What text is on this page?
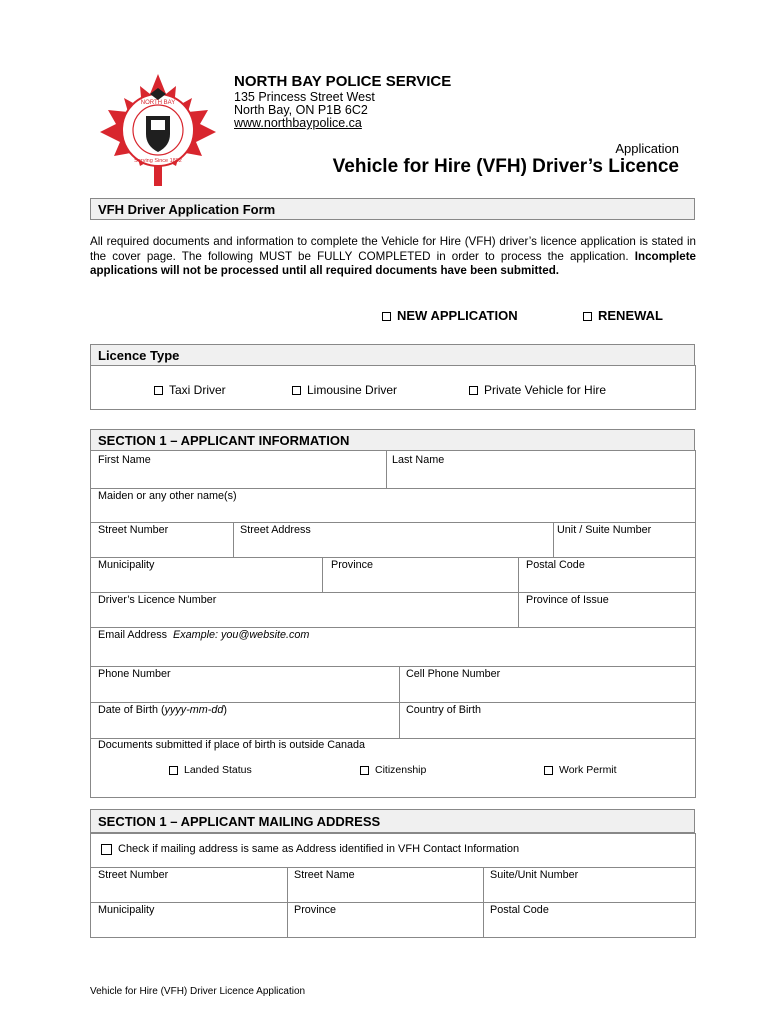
NORTH BAY
Serving Since 1882
NORTH BAY POLICE SERVICE
135 Princess Street West
North Bay, ON P1B 6C2
www.northbaypolice.ca
Application
Vehicle for Hire (VFH) Driver’s Licence
VFH Driver Application Form
All required documents and information to complete the Vehicle for Hire (VFH) driver’s licence application is stated in the cover page. The following MUST be FULLY COMPLETED in order to process the application. Incomplete applications will not be processed until all required documents have been submitted.
NEW APPLICATION	RENEWAL
Licence Type
Taxi Driver	Limousine Driver	Private Vehicle for Hire
SECTION 1 – APPLICANT INFORMATION
First Name	Last Name
Maiden or any other name(s)
Street Number	Street Address	Unit / Suite Number
Municipality	Province	Postal Code
Driver’s Licence Number	Province of Issue
Email Address Example: you@website.com
Phone Number	Cell Phone Number
Date of Birth (yyyy-mm-dd)	Country of Birth
Documents submitted if place of birth is outside Canada
Landed Status	Citizenship	Work Permit
SECTION 1 – APPLICANT MAILING ADDRESS
Check if mailing address is same as Address identified in VFH Contact Information
Street Number	Street Name	Suite/Unit Number
Municipality	Province	Postal Code
Vehicle for Hire (VFH) Driver Licence Application
